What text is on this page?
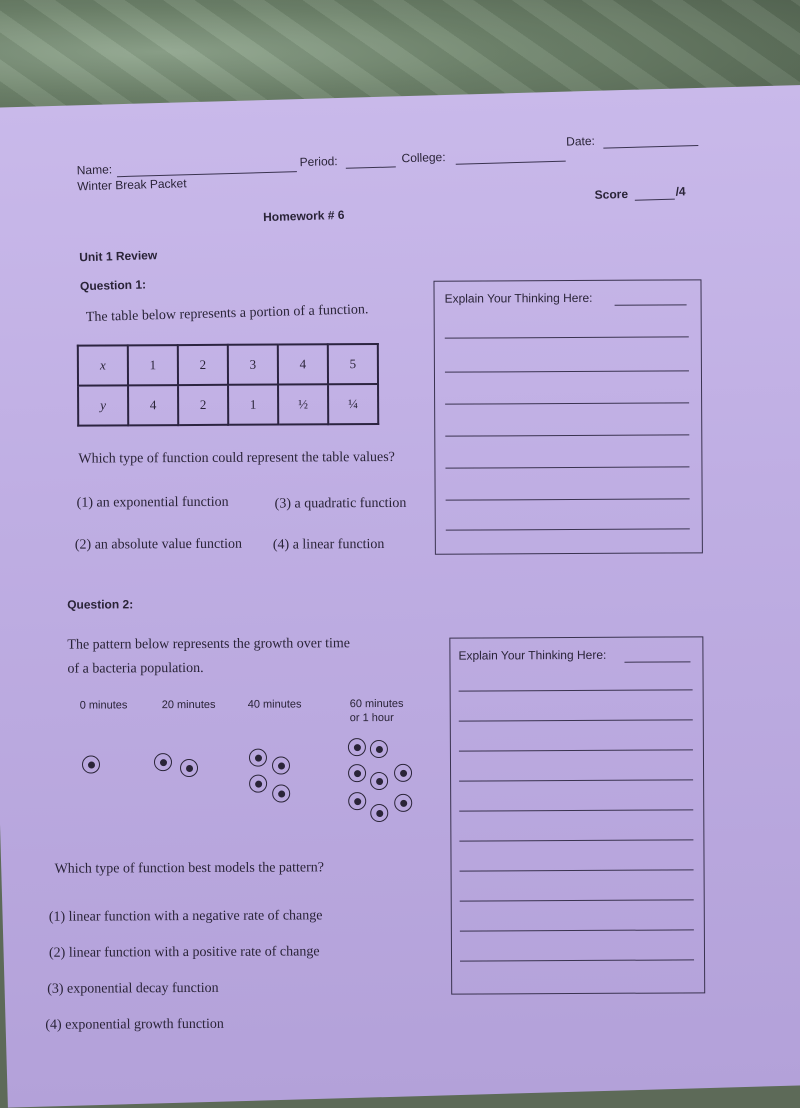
Name:
Period:	College:
Date:
Winter Break Packet
Score	/4
Homework # 6
Unit 1 Review
Question 1:
The table below represents a portion of a function.
x	1	2	3	4	5
y	4	2	1	½	¼
Which type of function could represent the table values?
(1) an exponential function	(3) a quadratic function
(2) an absolute value function (4) a linear function
Explain Your Thinking Here:
Question 2:
The pattern below represents the growth over time
of a bacteria population.
0 minutes	20 minutes	40 minutes	60 minutes
or 1 hour
Which type of function best models the pattern?
(1) linear function with a negative rate of change
(2) linear function with a positive rate of change
(3) exponential decay function
(4) exponential growth function
Explain Your Thinking Here:
